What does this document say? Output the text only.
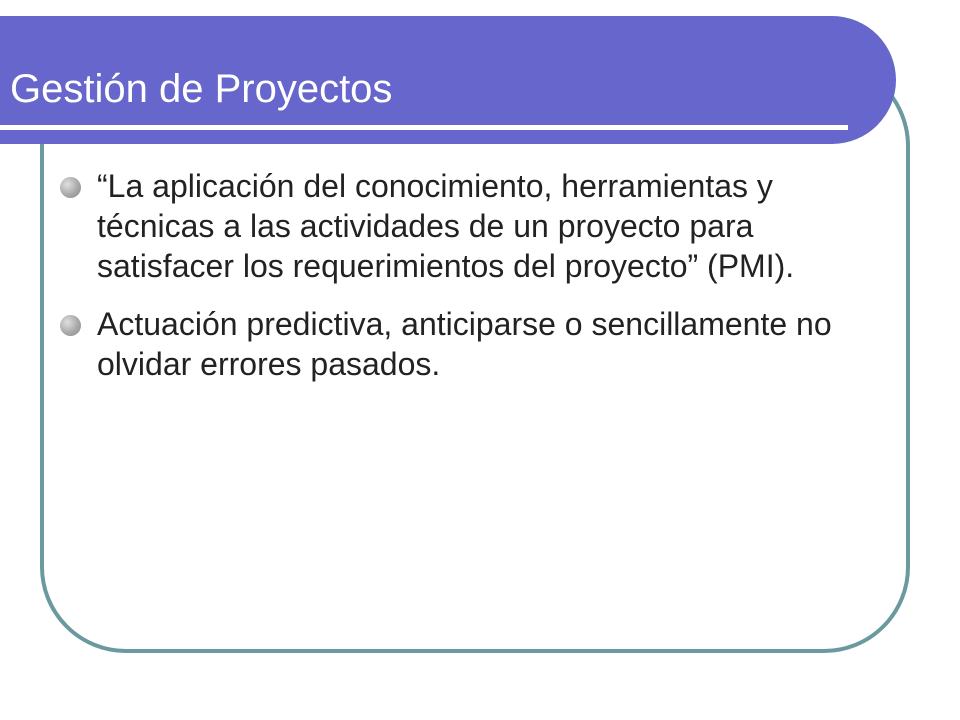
Gestión de Proyectos
“La aplicación del conocimiento, herramientas y técnicas a las actividades de un proyecto para satisfacer los requerimientos del proyecto” (PMI).
Actuación predictiva, anticiparse o sencillamente no olvidar errores pasados.
